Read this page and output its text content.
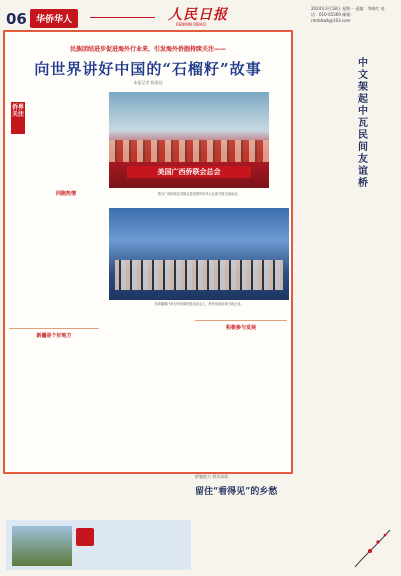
06	华侨华人	人民日报
RENMIN RIBAO
2024年3月18日 星期一 责编：李晓红 电话：010-65369 邮箱：rmrbhwb@163.com
民族团结进步促进海外行业来，引发海外侨胞持续关注——
向世界讲好中国的“石榴籽”故事
本报记者 陈嘉佳
侨界关注
同胞热情
美国广西侨联会总会
图为广西侨联宣讲团走进美国华侨华人社团开展交流活动。
在新疆喀什举行的侨商投资洽谈会上，海外侨商参观当地企业。
新疆是个好地方
积极参与发展
中文架起中瓦民间友谊桥
侨胞助力 侨乡添彩
留住“看得见”的乡愁
